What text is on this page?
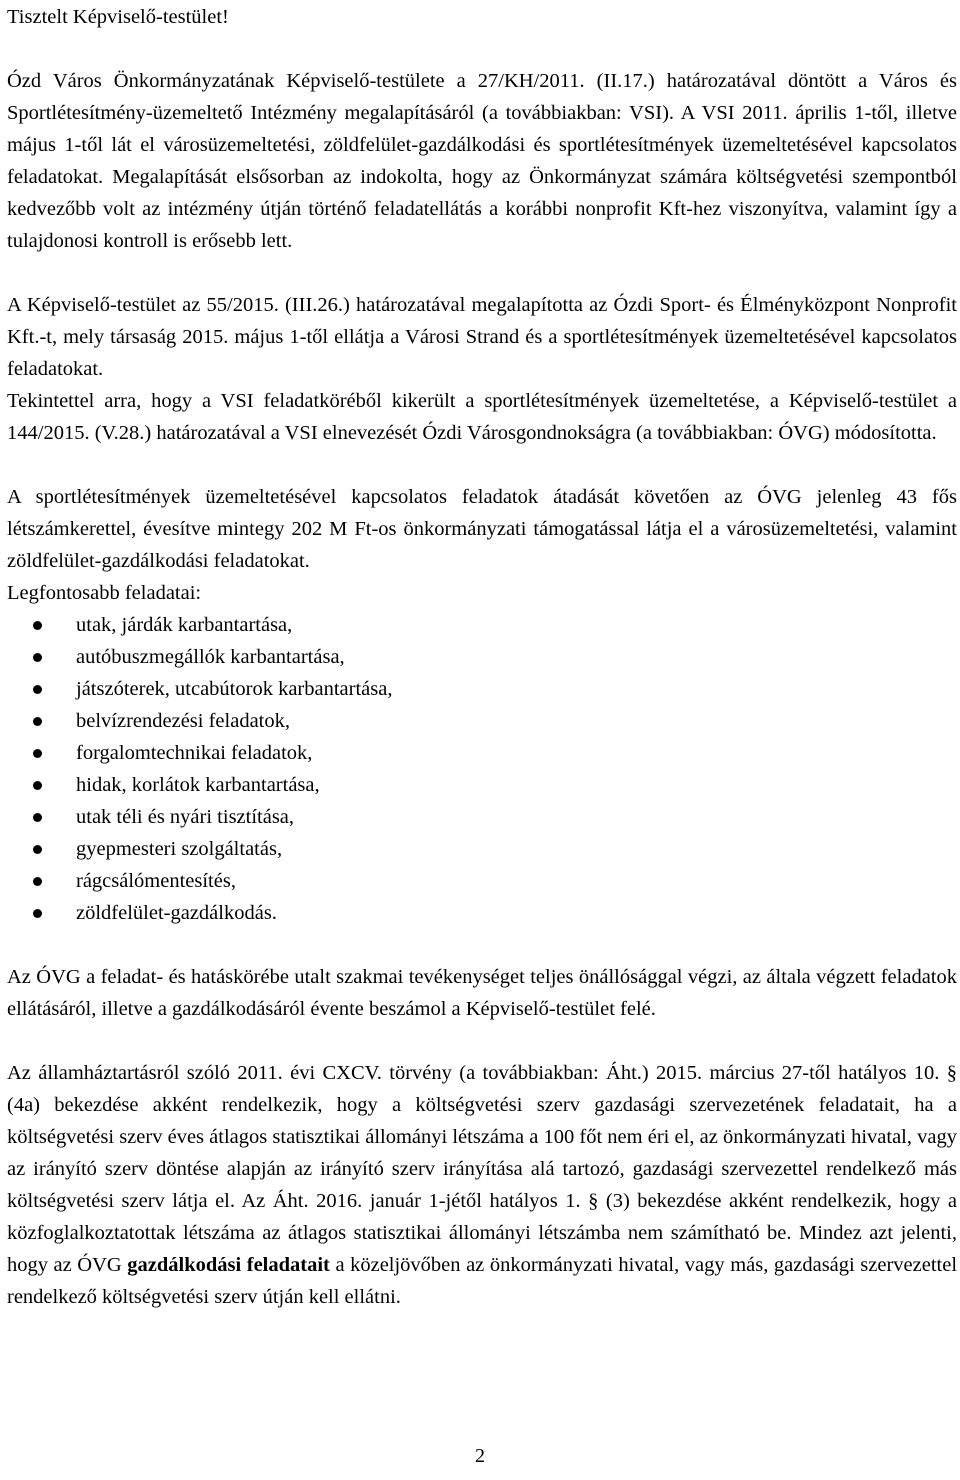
Tisztelt Képviselő-testület!

Ózd Város Önkormányzatának Képviselő-testülete a 27/KH/2011. (II.17.) határozatával döntött a Város és Sportlétesítmény-üzemeltető Intézmény megalapításáról (a továbbiakban: VSI). A VSI 2011. április 1-től, illetve május 1-től lát el városüzemeltetési, zöldfelület-gazdálkodási és sportlétesítmények üzemeltetésével kapcsolatos feladatokat. Megalapítását elsősorban az indokolta, hogy az Önkormányzat számára költségvetési szempontból kedvezőbb volt az intézmény útján történő feladatellátás a korábbi nonprofit Kft-hez viszonyítva, valamint így a tulajdonosi kontroll is erősebb lett.

A Képviselő-testület az 55/2015. (III.26.) határozatával megalapította az Ózdi Sport- és Élményközpont Nonprofit Kft.-t, mely társaság 2015. május 1-től ellátja a Városi Strand és a sportlétesítmények üzemeltetésével kapcsolatos feladatokat.

Tekintettel arra, hogy a VSI feladatköréből kikerült a sportlétesítmények üzemeltetése, a Képviselő-testület a 144/2015. (V.28.) határozatával a VSI elnevezését Ózdi Városgondnokságra (a továbbiakban: ÓVG) módosította.

A sportlétesítmények üzemeltetésével kapcsolatos feladatok átadását követően az ÓVG jelenleg 43 fős létszámkerettel, évesítve mintegy 202 M Ft-os önkormányzati támogatással látja el a városüzemeltetési, valamint zöldfelület-gazdálkodási feladatokat.

Legfontosabb feladatai:

utak, járdák karbantartása,
autóbuszmegállók karbantartása,
játszóterek, utcabútorok karbantartása,
belvízrendezési feladatok,
forgalomtechnikai feladatok,
hidak, korlátok karbantartása,
utak téli és nyári tisztítása,
gyepmesteri szolgáltatás,
rágcsálómentesítés,
zöldfelület-gazdálkodás.

Az ÓVG a feladat- és hatáskörébe utalt szakmai tevékenységet teljes önállósággal végzi, az általa végzett feladatok ellátásáról, illetve a gazdálkodásáról évente beszámol a Képviselő-testület felé.

Az államháztartásról szóló 2011. évi CXCV. törvény (a továbbiakban: Áht.) 2015. március 27-től hatályos 10. § (4a) bekezdése akként rendelkezik, hogy a költségvetési szerv gazdasági szervezetének feladatait, ha a költségvetési szerv éves átlagos statisztikai állományi létszáma a 100 főt nem éri el, az önkormányzati hivatal, vagy az irányító szerv döntése alapján az irányító szerv irányítása alá tartozó, gazdasági szervezettel rendelkező más költségvetési szerv látja el. Az Áht. 2016. január 1-jétől hatályos 1. § (3) bekezdése akként rendelkezik, hogy a közfoglalkoztatottak létszáma az átlagos statisztikai állományi létszámba nem számítható be. Mindez azt jelenti, hogy az ÓVG gazdálkodási feladatait a közeljövőben az önkormányzati hivatal, vagy más, gazdasági szervezettel rendelkező költségvetési szerv útján kell ellátni.

2
